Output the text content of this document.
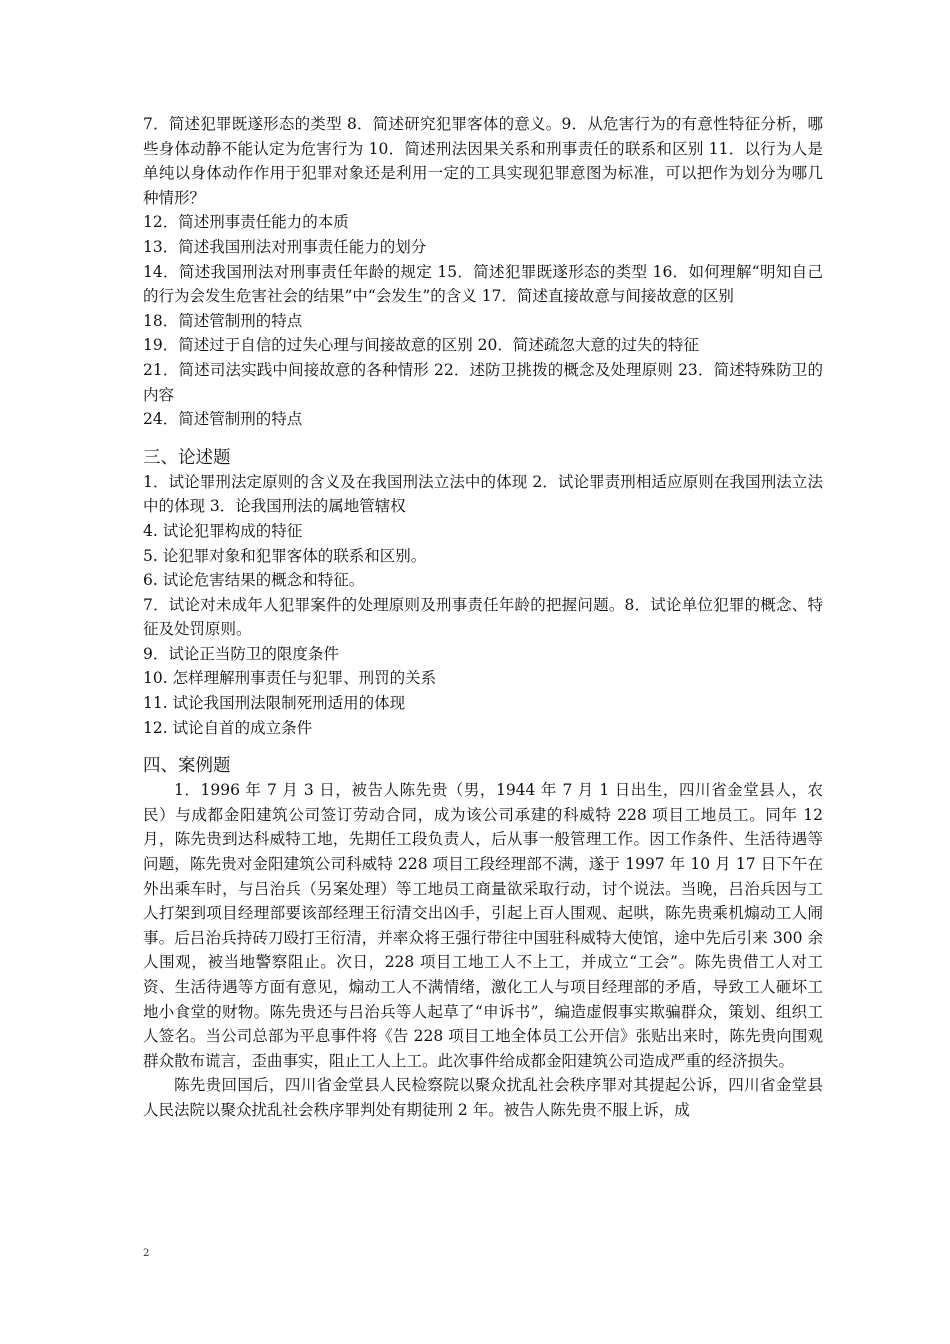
7．简述犯罪既遂形态的类型 8．简述研究犯罪客体的意义。9．从危害行为的有意性特征分析，哪些身体动静不能认定为危害行为 10．简述刑法因果关系和刑事责任的联系和区别 11．以行为人是单纯以身体动作作用于犯罪对象还是利用一定的工具实现犯罪意图为标准，可以把作为划分为哪几种情形？

12．简述刑事责任能力的本质

13．简述我国刑法对刑事责任能力的划分

14．简述我国刑法对刑事责任年龄的规定 15．简述犯罪既遂形态的类型 16．如何理解“明知自己的行为会发生危害社会的结果”中“会发生”的含义 17．简述直接故意与间接故意的区别

18．简述管制刑的特点

19．简述过于自信的过失心理与间接故意的区别 20．简述疏忽大意的过失的特征

21．简述司法实践中间接故意的各种情形 22．述防卫挑拨的概念及处理原则 23．简述特殊防卫的内容

24．简述管制刑的特点

三、论述题

1．试论罪刑法定原则的含义及在我国刑法立法中的体现 2．试论罪责刑相适应原则在我国刑法立法中的体现 3．论我国刑法的属地管辖权

4. 试论犯罪构成的特征

5. 论犯罪对象和犯罪客体的联系和区别。

6. 试论危害结果的概念和特征。

7．试论对未成年人犯罪案件的处理原则及刑事责任年龄的把握问题。8．试论单位犯罪的概念、特征及处罚原则。

9．试论正当防卫的限度条件

10. 怎样理解刑事责任与犯罪、刑罚的关系

11. 试论我国刑法限制死刑适用的体现

12. 试论自首的成立条件

四、案例题

1．1996 年 7 月 3 日，被告人陈先贵（男，1944 年 7 月 1 日出生，四川省金堂县人，农民）与成都金阳建筑公司签订劳动合同，成为该公司承建的科威特 228 项目工地员工。同年 12 月，陈先贵到达科威特工地，先期任工段负责人，后从事一般管理工作。因工作条件、生活待遇等问题，陈先贵对金阳建筑公司科威特 228 项目工段经理部不满，遂于 1997 年 10 月 17 日下午在外出乘车时，与吕治兵（另案处理）等工地员工商量欲采取行动，讨个说法。当晚，吕治兵因与工人打架到项目经理部要该部经理王衍清交出凶手，引起上百人围观、起哄，陈先贵乘机煽动工人闹事。后吕治兵持砖刀殴打王衍清，并率众将王强行带往中国驻科威特大使馆，途中先后引来 300 余人围观，被当地警察阻止。次日，228 项目工地工人不上工，并成立“工会”。陈先贵借工人对工资、生活待遇等方面有意见，煽动工人不满情绪，激化工人与项目经理部的矛盾，导致工人砸坏工地小食堂的财物。陈先贵还与吕治兵等人起草了“申诉书”，编造虚假事实欺骗群众，策划、组织工人签名。当公司总部为平息事件将《告 228 项目工地全体员工公开信》张贴出来时，陈先贵向围观群众散布谎言，歪曲事实，阻止工人上工。此次事件给成都金阳建筑公司造成严重的经济损失。

陈先贵回国后，四川省金堂县人民检察院以聚众扰乱社会秩序罪对其提起公诉，四川省金堂县人民法院以聚众扰乱社会秩序罪判处有期徒刑 2 年。被告人陈先贵不服上诉，成

2
